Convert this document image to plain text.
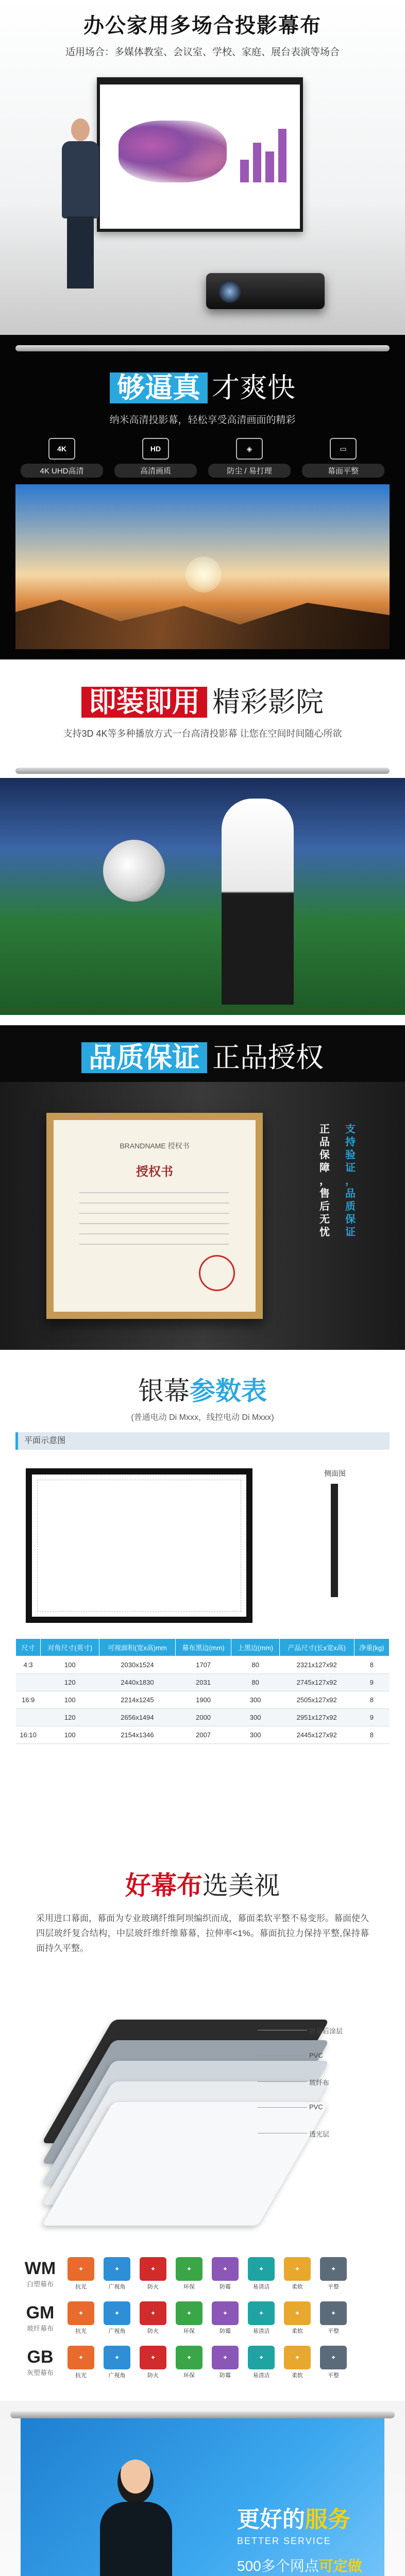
办公家用多场合投影幕布
适用场合：多媒体教室、会议室、学校、家庭、展台表演等场合
够逼真 才爽快
纳米高清投影幕，轻松享受高清画面的精彩
4K
4K UHD高清
HD
高清画质
◈
防尘 / 易打理
▭
幕面平整
即装即用 精彩影院
支持3D 4K等多种播放方式一台高清投影幕 让您在空间时间随心所欲
品质保证 正品授权
BRANDNAME 授权书
授权书
正
品
保
障
，
售
后
无
忧
支
持
验
证
，
品
质
保
证
银幕参数表
(普通电动 Di Mxxx，线控电动 Di Mxxx)
平面示意图
侧面图
尺寸	对角尺寸(英寸)	可视面积(宽x高)mm	幕布黑边(mm)	上黑边(mm)	产品尺寸(长x宽x高)	净重(kg)
4:3	100	2030x1524	1707	80	2321x127x92	8
	120	2440x1830	2031	80	2745x127x92	9
16:9	100	2214x1245	1900	300	2505x127x92	8
	120	2656x1494	2000	300	2951x127x92	9
16:10	100	2154x1346	2007	300	2445x127x92	8
好幕布选美视
采用进口幕面，幕面为专业玻璃纤维阿坝编织而成，幕面柔软平整不易变形。幕面使久四层玻纤复合结构，中层玻纤维纤维幕幕，拉伸率<1%。幕面抗拉力保持平整,保持幕面持久平整。
银幕后涂层
PVC
玻纤布
PVC
透光层
WM
白塑幕布
✦
抗光
✦
广视角
✦
防火
✦
环保
✦
防霉
✦
易清洁
✦
柔软
✦
平整
GM
玻纤幕布
✦
抗光
✦
广视角
✦
防火
✦
环保
✦
防霉
✦
易清洁
✦
柔软
✦
平整
GB
灰塑幕布
✦
抗光
✦
广视角
✦
防火
✦
环保
✦
防霉
✦
易清洁
✦
柔软
✦
平整
更好的服务
BETTER SERVICE
500多个网点可定做
